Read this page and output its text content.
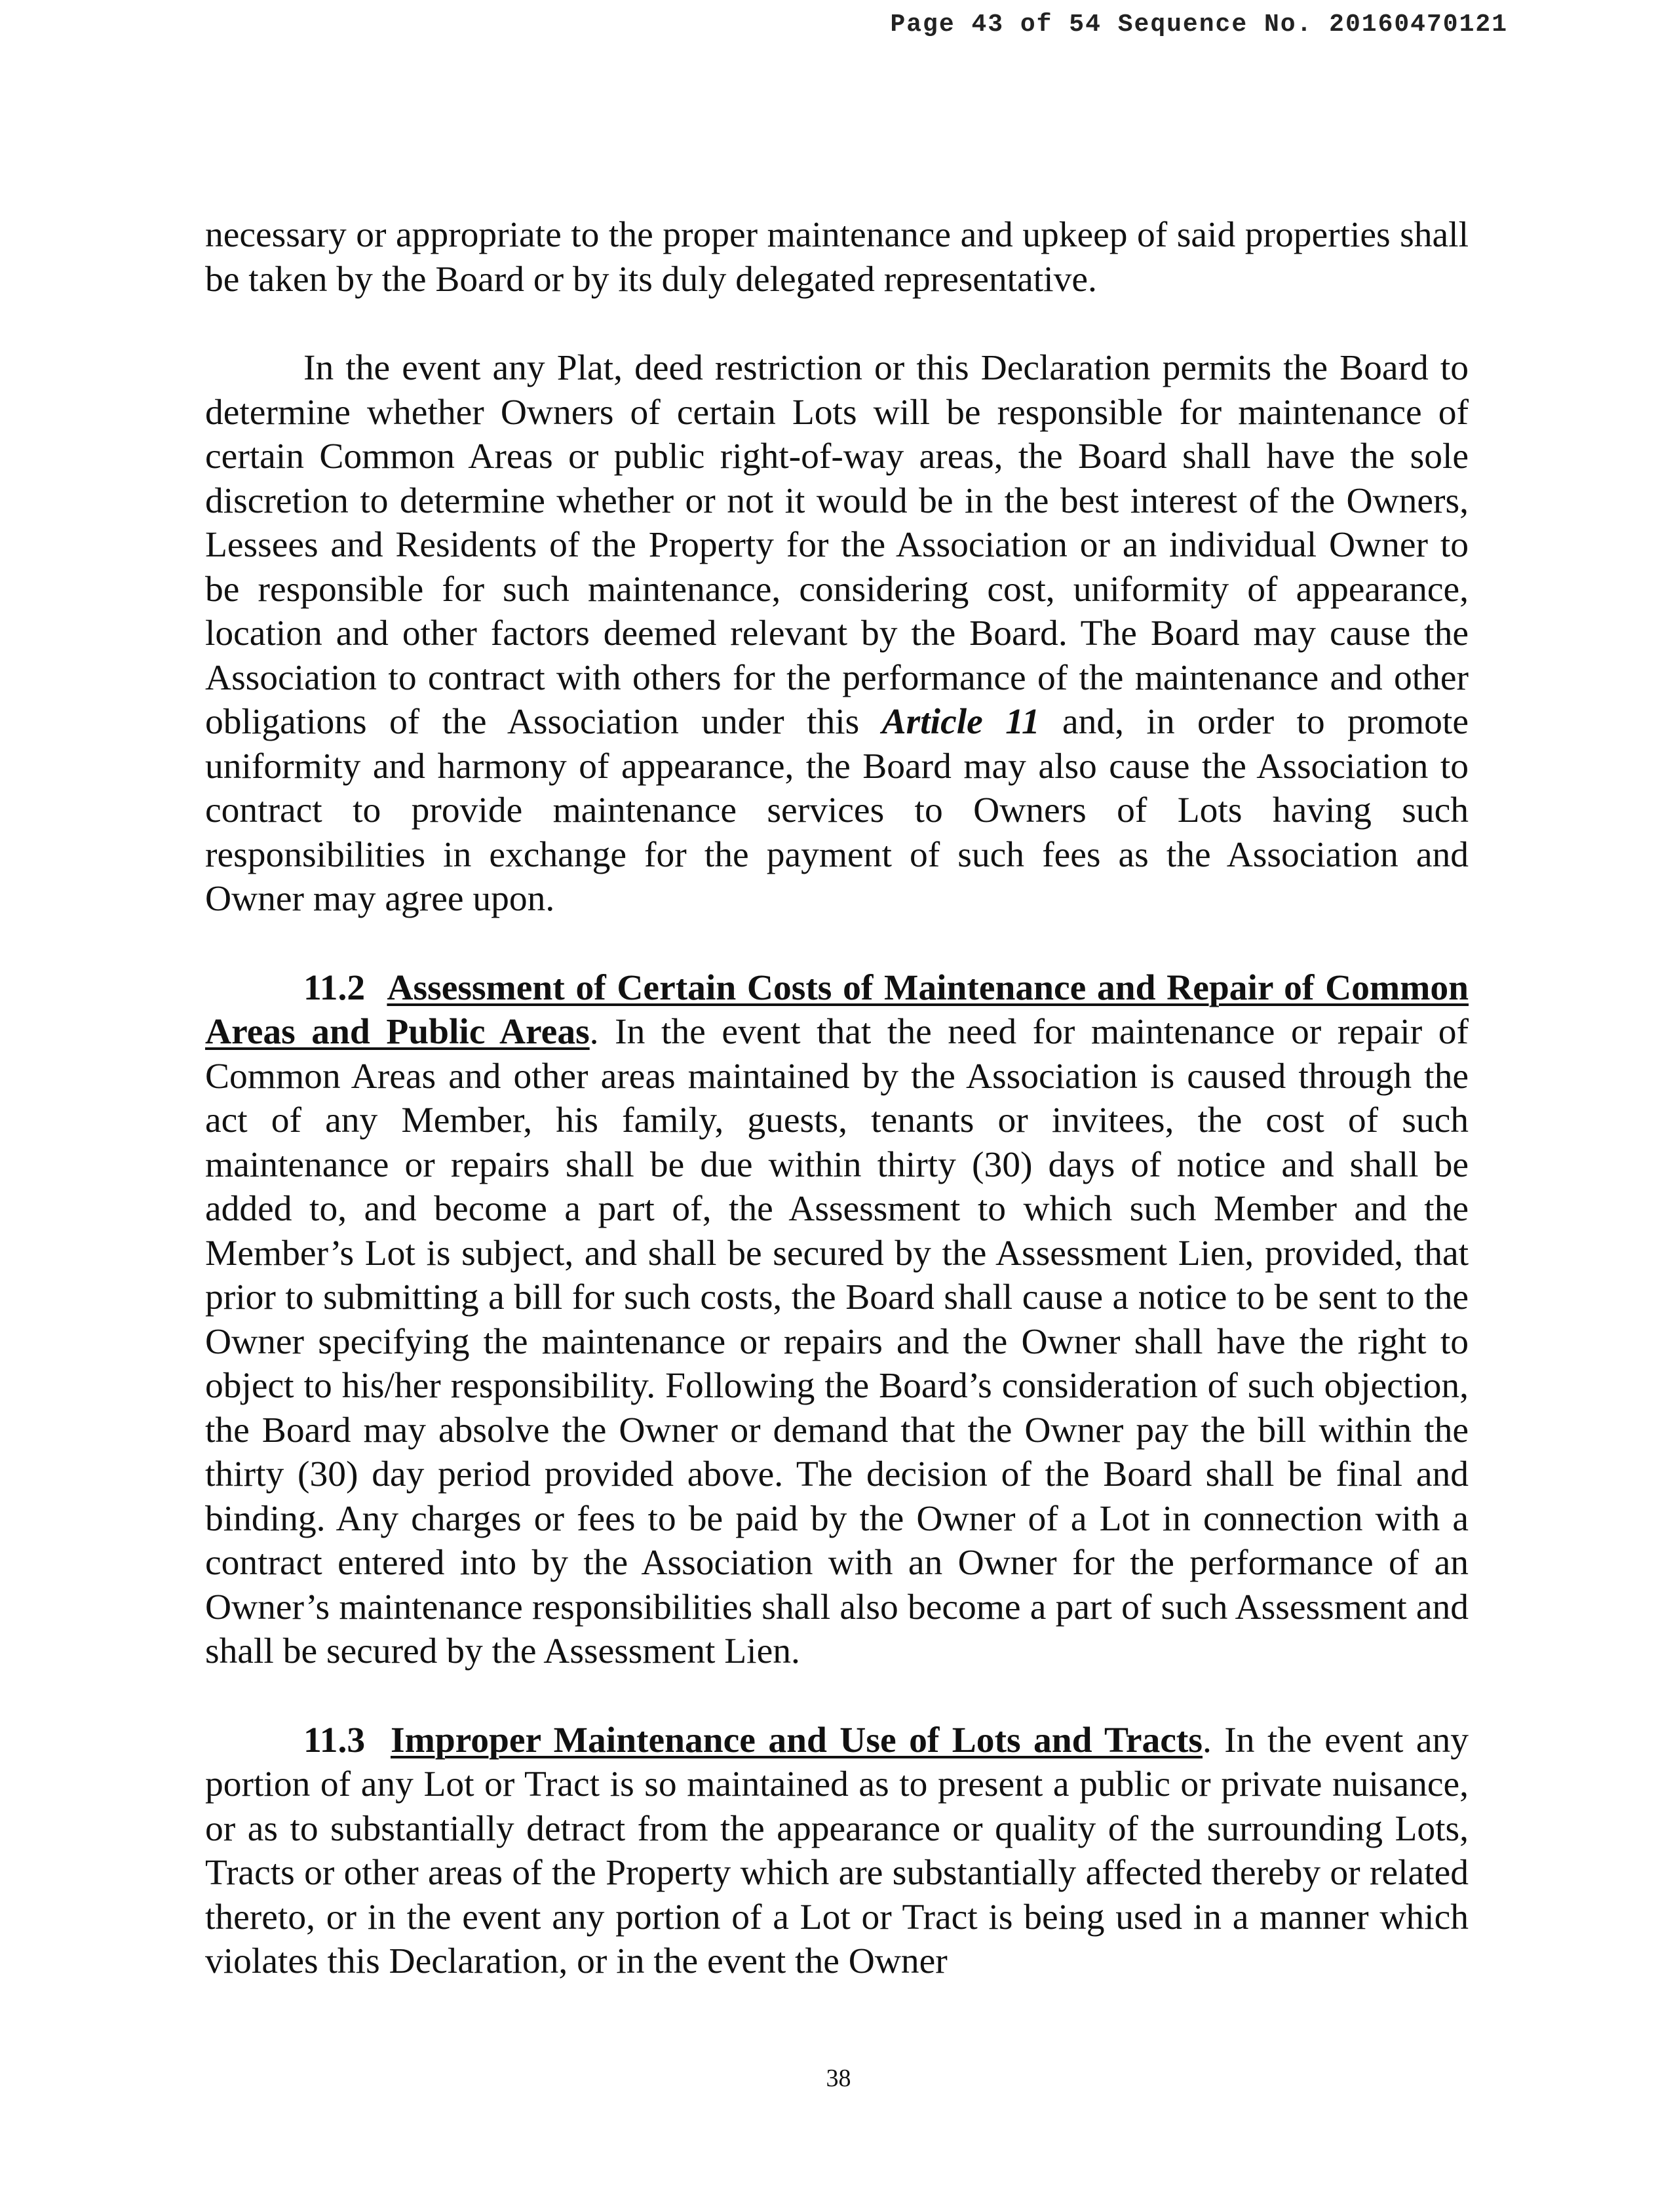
Page 43 of 54 Sequence No. 20160470121

necessary or appropriate to the proper maintenance and upkeep of said properties shall be taken by the Board or by its duly delegated representative.

In the event any Plat, deed restriction or this Declaration permits the Board to determine whether Owners of certain Lots will be responsible for maintenance of certain Common Areas or public right-of-way areas, the Board shall have the sole discretion to determine whether or not it would be in the best interest of the Owners, Lessees and Residents of the Property for the Association or an individual Owner to be responsible for such maintenance, considering cost, uniformity of appearance, location and other factors deemed relevant by the Board. The Board may cause the Association to contract with others for the performance of the maintenance and other obligations of the Association under this Article 11 and, in order to promote uniformity and harmony of appearance, the Board may also cause the Association to contract to provide maintenance services to Owners of Lots having such responsibilities in exchange for the payment of such fees as the Association and Owner may agree upon.

11.2 Assessment of Certain Costs of Maintenance and Repair of Common Areas and Public Areas. In the event that the need for maintenance or repair of Common Areas and other areas maintained by the Association is caused through the act of any Member, his family, guests, tenants or invitees, the cost of such maintenance or repairs shall be due within thirty (30) days of notice and shall be added to, and become a part of, the Assessment to which such Member and the Member’s Lot is subject, and shall be secured by the Assessment Lien, provided, that prior to submitting a bill for such costs, the Board shall cause a notice to be sent to the Owner specifying the maintenance or repairs and the Owner shall have the right to object to his/her responsibility. Following the Board’s consideration of such objection, the Board may absolve the Owner or demand that the Owner pay the bill within the thirty (30) day period provided above. The decision of the Board shall be final and binding. Any charges or fees to be paid by the Owner of a Lot in connection with a contract entered into by the Association with an Owner for the performance of an Owner’s maintenance responsibilities shall also become a part of such Assessment and shall be secured by the Assessment Lien.

11.3 Improper Maintenance and Use of Lots and Tracts. In the event any portion of any Lot or Tract is so maintained as to present a public or private nuisance, or as to substantially detract from the appearance or quality of the surrounding Lots, Tracts or other areas of the Property which are substantially affected thereby or related thereto, or in the event any portion of a Lot or Tract is being used in a manner which violates this Declaration, or in the event the Owner

38
